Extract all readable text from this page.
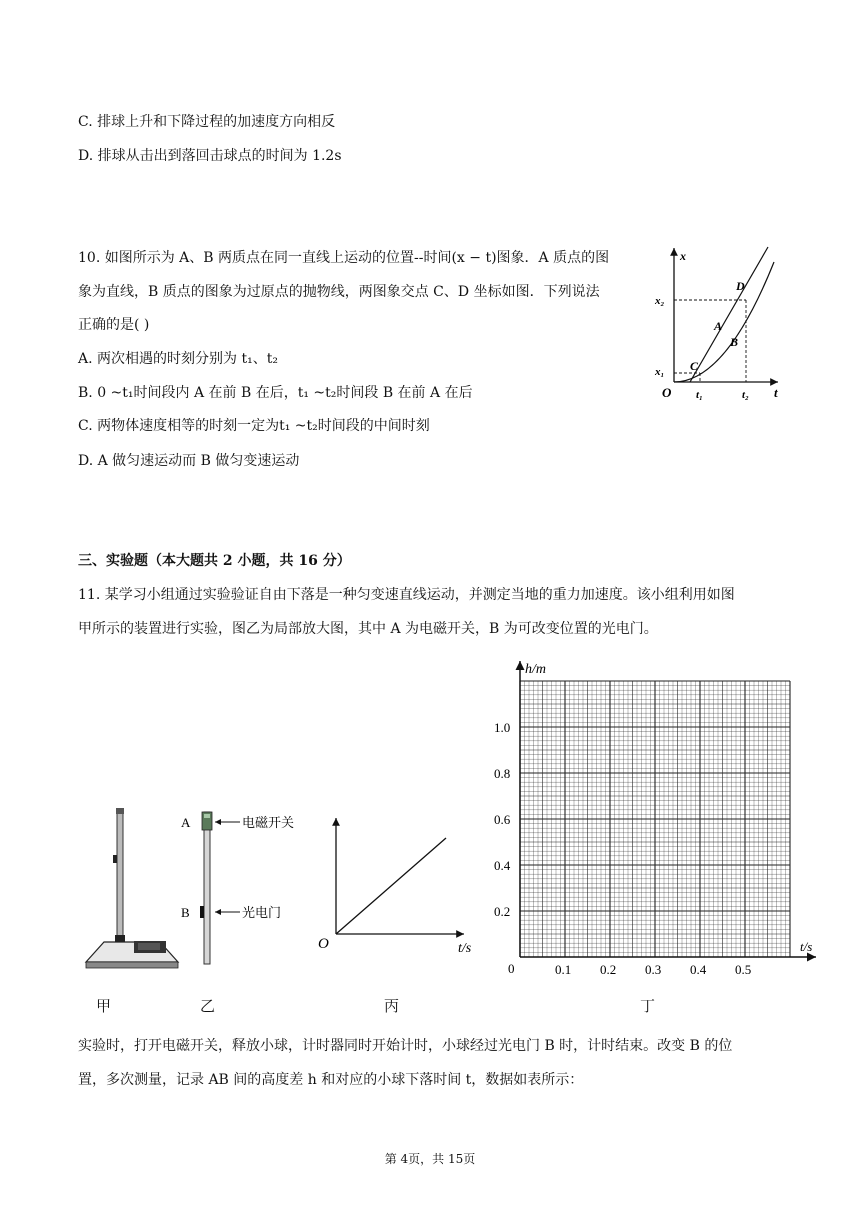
C. 排球上升和下降过程的加速度方向相反
D. 排球从击出到落回击球点的时间为 1.2s
10. 如图所示为 A、B 两质点在同一直线上运动的位置--时间(x − t)图象．A 质点的图
象为直线，B 质点的图象为过原点的抛物线，两图象交点 C、D 坐标如图．下列说法
正确的是( )
A. 两次相遇的时刻分别为 t₁、t₂
B. 0 ~t₁时间段内 A 在前 B 在后，t₁ ~t₂时间段 B 在前 A 在后
C. 两物体速度相等的时刻一定为t₁ ~t₂时间段的中间时刻
D. A 做匀速运动而 B 做匀变速运动
x
t
O
x₂
x₁
t₁	t₂
C
D
A
B
三、实验题（本大题共 2 小题，共 16 分）
11. 某学习小组通过实验验证自由下落是一种匀变速直线运动，并测定当地的重力加速度。该小组利用如图
甲所示的装置进行实验，图乙为局部放大图，其中 A 为电磁开关，B 为可改变位置的光电门。
A
B
电磁开关
光电门
O	t/s
h/m
t/s
0
0.2
0.4
0.6
0.8
1.0
0.1 0.2 0.3 0.4 0.5
甲	乙	丙	丁
实验时，打开电磁开关，释放小球，计时器同时开始计时，小球经过光电门 B 时，计时结束。改变 B 的位
置，多次测量，记录 AB 间的高度差 h 和对应的小球下落时间 t，数据如表所示：
第 4页，共 15页
